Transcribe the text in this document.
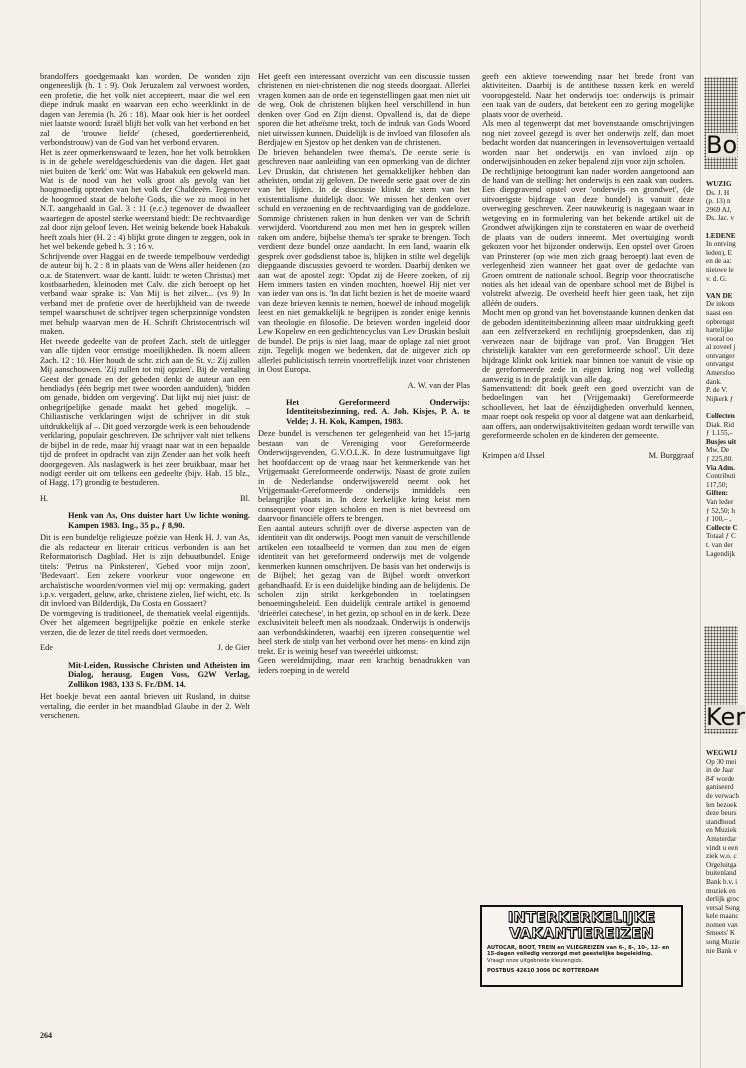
brandoffers goedgemaakt kan worden. De wonden zijn ongeneeslijk (h. 1 : 9). Ook Jeruzalem zal verwoest worden, een profetie, die het volk niet accepteert, maar die wel een diepe indruk maakt en waarvan een echo weerklinkt in de dagen van Jeremia (h. 26 : 18). Maar ook hier is het oordeel niet laatste woord: Israël blijft het volk van het verbond en het zal de 'trouwe liefde' (chesed, goedertierenheid, verbondstrouw) van de God van het verbond ervaren.

Het is zeer opmerkenswaard te lezen, hoe het volk betrokken is in de gehele wereldgeschiedenis van die dagen. Het gaat niet buiten de 'kerk' om: Wat was Habakuk een gekweld man. Wat is de nood van het volk groot als gevolg van het hoogmoedig optreden van het volk der Chaldeeën. Tegenover de hoogmoed staat de belofte Gods, die we zo mooi in het N.T. aangehaald in Gal. 3 : 11 (e.c.) tegenover de dwaalleer waartegen de apostel sterke weerstand biedt: De rechtvaardige zal door zijn geloof leven. Het weinig bekende boek Habakuk heeft zoals hier (H. 2 : 4) blijkt grote dingen te zeggen, ook in het wel bekende gebed h. 3 : 16 v.

Schrijvende over Haggai en de tweede tempelbouw verdedigt de auteur bij h. 2 : 8 in plaats van de Wens aller heidenen (zo o.a. de Statenvert. waar de kantt. luidt: te weten Christus) met kostbaarheden, kleinoden met Calv. die zich beroept op het verband waar sprake is: Van Mij is het zilver... (vs 9) In verband met de profetie over de heerlijkheid van de tweede tempel waarschuwt de schrijver tegen scherpzinnige vondsten met behulp waarvan men de H. Schrift Christocentrisch wil maken.

Het tweede gedeelte van de profeet Zach. stelt de uitlegger van alle tijden voor ernstige moeilijkheden. Ik noem alleen Zach. 12 : 10. Hier houdt de schr. zich aan de St. v.: Zij zullen Mij aanschouwen. 'Zij zullen tot mij opzien'. Bij de vertaling Geest der genade en der gebeden denkt de auteur aan een hendiadys (één begrip met twee woorden aanduiden), 'bidden om genade, bidden om vergeving'. Dat lijkt mij niet juist: de onbegrijpelijke genade maakt het gebed mogelijk. – Chiliastische verklaringen wijst de schrijver in dit stuk uitdrukkelijk af –. Dit goed verzorgde werk is een behoudende verklaring, populair geschreven. De schrijver valt niet telkens de bijbel in de rede, maar hij vraagt naar wat in een bepaalde tijd de profeet in opdracht van zijn Zender aan het volk heeft doorgegeven. Als naslagwerk is het zeer bruikbaar, maar het nodigt eerder uit om telkens een gedeelte (bijv. Hab. 15 blz., of Hagg. 17) grondig te bestuderen.

H.	Bl.
Henk van As, Ons duister hart Uw lichte woning. Kampen 1983. Ing., 35 p., ƒ 8,90.

Dit is een bundeltje religieuze poëzie van Henk H. J. van As, die als redacteur en literair criticus verbonden is aan het Reformatorisch Dagblad. Het is zijn debuutbundel. Enige titels: 'Petrus na Pinksteren', 'Gebed voor mijn zoon', 'Bedevaart'. Een zekere voorkeur voor ongewone en archaïstische woorden/vormen viel mij op: vermaking, gadert i.p.v. vergadert, geluw, arke, christene zielen, lief wicht, etc. Is dit invloed van Bilderdijk, Da Costa en Gossaert?

De vormgeving is traditioneel, de thematiek veelal eigentijds. Over het algemeen begrijpelijke poëzie en enkele sterke verzen, die de lezer de titel reeds doet vermoeden.

Ede	J. de Gier
Mit-Leiden, Russische Christen und Atheisten im Dialog, herausg. Eugen Voss, G2W Verlag, Zollikon 1983, 133 S. Fr./DM. 14.

Het boekje bevat een aantal brieven uit Rusland, in duitse vertaling, die eerder in het maandblad Glaube in der 2. Welt verschenen.

Het geeft een interessant overzicht van een discussie tussen christenen en niet-christenen die nog steeds doorgaat. Allerlei vragen komen aan de orde en tegenstellingen gaat men niet uit de weg. Ook de christenen blijken heel verschillend in hun denken over God en Zijn dienst. Opvallend is, dat de diepe sporen die het atheïsme trekt, toch de indruk van Gods Woord niet uitwissen kunnen. Duidelijk is de invloed van filosofen als Berdjajew en Sjestov op het denken van de christenen.

De brieven behandelen twee thema's. De eerste serie is geschreven naar aanleiding van een opmerking van de dichter Lev Druskin, dat christenen het gemakkelijker hebben dan atheïsten, omdat zij geloven. De tweede serie gaat over de zin van het lijden. In de discussie klinkt de stem van het existentialisme duidelijk door. We missen het denken over schuld en verzoening en de rechtvaardiging van de goddeloze. Sommige christenen raken in hun denken ver van de Schrift verwijderd. Voortdurend zou men met hen in gesprek willen raken om andere, bijbelse thema's ter sprake te brengen. Toch verdient deze bundel onze aandacht. In een land, waarin elk gesprek over godsdienst taboe is, blijken in stilte wel degelijk diepgaande discussies gevoerd te worden. Daarbij denken we aan wat de apostel zegt: 'Opdat zij de Heere zoeken, of zij Hem immers tasten en vinden mochten, hoewel Hij niet ver van ieder van ons is. 'In dat licht bezien is het de moeite waard van deze brieven kennis te nemen, hoewel de inhoud mogelijk leest en niet gemakkelijk te begrijpen is zonder enige kennis van theologie en filosofie. De brieven worden ingeleid door Lew Kopelew en een gedichtencyclus van Lev Druskin besluit de bundel. De prijs is niet laag, maar de oplage zal niet groot zijn. Tegelijk mogen we bedenken, dat de uitgever zich op allerlei publicistisch terrein voortreffelijk inzet voor christenen in Oost Europa.

A. W. van der Plas
Het Gereformeerd Onderwijs: Identiteitsbezinning, red. A. Joh. Kisjes, P. A. te Velde; J. H. Kok, Kampen, 1983.

Deze bundel is verschenen ter gelegenheid van het 15-jarig bestaan van de Vereniging voor Gereformeerde Onderwijsgevenden, G.V.O.L.K. In deze lustrumuitgave ligt het hoofdaccent op de vraag naar het kenmerkende van het Vrijgemaakt Gereformeerde onderwijs. Naast de grote zuilen in de Nederlandse onderwijswereld neemt ook het Vrijgemaakt-Gereformeerde onderwijs inmiddels een belangrijke plaats in. In deze kerkelijke kring keist men consequent voor eigen scholen en men is niet bevreesd om daarvoor financiële offers te brengen.

Een aantal auteurs schrijft over de diverse aspecten van de identiteit van dit onderwijs. Poogt men vanuit de verschillende artikelen een totaalbeeld te vormen dan zou men de eigen identiteit van het gereformeerd onderwijs met de volgende kenmerken kunnen omschrijven. De basis van het onderwijs is de Bijbel; het gezag van de Bijbel wordt onverkort gehandhaafd. Er is een duidelijke binding aan de belijdenis. De scholen zijn strikt kerkgebonden in toelatingsen benoemingsbeleid. Een duidelijk centrale artikel is genoemd 'drieërlei catechese', in het gezin, op school en in de kerk. Deze exclusiviteit beleeft men als noodzaak. Onderwijs is onderwijs aan verbondskinderen, waarbij een ijzeren consequentie wel heel sterk de stolp van het verbond over het mens- en kind zijn trekt. Er is weinig besef van tweeërlei uitkomst.

Geen wereldmijding, maar een krachtig benadrukken van ieders roeping in de wereld

geeft een aktieve toewending naar het brede front van aktiviteiten. Daarbij is de antithese tussen kerk en wereld vooropgesteld. Naar het onderwijs toe: onderwijs is primair een taak van de ouders, dat betekent een zo gering mogelijke plaats voor de overheid.

Als men al tegenwerpt dat met bovenstaande omschrijvingen nog niet zoveel gezegd is over het onderwijs zelf, dan moet bedacht worden dat nuanceringen in levensovertuigen vertaald worden naar het onderwijs en van invloed zijn op onderwijsinhouden en zeker bepalend zijn voor zijn scholen.

De rechtlijnige betoogtrant kan nader worden aangetoond aan de hand van de stelling: het onderwijs is een zaak van ouders. Een diepgravend opstel over 'onderwijs en grondwet', (de uitvoerigste bijdrage van deze bundel) is vanuit deze overweging geschreven. Zeer nauwkeurig is nagegaan waar in wetgeving en in formulering van het bekende artikel uit de Grondwet afwijkingen zijn te constateren en waar de overheid de plaats van de ouders inneemt. Met overtuiging wordt gekozen voor het bijzonder onderwijs. Een opstel over Groen van Prinsterer (op wie men zich graag beroept) laat even de verlegenheid zien wanneer het gaat over de gedachte van Groen omtrent de nationale school. Begrip voor theocratische noties als het ideaal van de openbare school met de Bijbel is volstrekt afwezig. De overheid heeft hier geen taak, het zijn alléén de ouders.

Mocht men op grond van het bovenstaande kunnen denken dat de geboden identiteitsbezinning alleen maar uitdrukking geeft aan een zelfverzekerd en rechtlijnig groepsdenken, dan zij verwezen naar de bijdrage van prof. Van Bruggen 'Het christelijk karakter van een gereformeerde school'. Uit deze bijdrage klinkt ook kritiek naar binnen toe vanuit de visie op de gereformeerde zede in eigen kring nog wel volledig aanwezig is in de praktijk van alle dag.

Samenvattend: dit boek geeft een goed overzicht van de bedoelingen van het (Vrijgemaakt) Gereformeerde schoolleven, het laat de éénzijdigheden onverhuld kennen, maar roept ook respekt op voor al datgene wat aan denkarbeid, aan offers, aan onderwijsaktiviteiten gedaan wordt terwille van gereformeerde scholen en de kinderen der gemeente.

Krimpen a/d IJssel	M. Burggraaf
INTERKERKELIJKE
VAKANTIEREIZEN
AUTOCAR, BOOT, TREIN en VLIEGREIZEN van 6-, 8-, 10-, 12- en 15-dagen volledig verzorgd met geestelijke begeleiding.
Vraagt onze uitgebreide kleurengids.
POSTBUS 42610 3006 DC ROTTERDAM
264
Bo
WUZIG
Ds. J. H
(p. 13) n
2969 AJ,
Ds. Jac. v

LEDENE
In ontving
leden), E
en de aa:
nieuwe le
v. d. G.

VAN DE
De inkom
naast een
opbrengst
hartelijke
vooral oo
al zoveel j
ontvanger
ontvangst
Amersfoo
dank.
P. de V.
Nijkerk ƒ

Collecten
Diak. Rid
ƒ 1.155,–
Busjes uit
Mw. De
ƒ 225,80.
Via Adm.
Contributi
117,50;
Giften:
Van leder
ƒ 52,50; h
ƒ 100,– ,
Collecte C
Totaal ƒ C
t. van der
Lagendijk
Ker
WEGWIJ
Op 30 mei
in de Jaar
84' worde
ganiseerd
de verwach
len bezoek
deze beurs
standhoud
en Muziek
Amsterdar
vindt u een
ziek w.o. c
Orgeluitga
buitenland
Bank b.v. i
muziek en
derlijk groc
versal Song
kele maanc
nomen van
Smeets' K
song Muzie
nie Bank v
